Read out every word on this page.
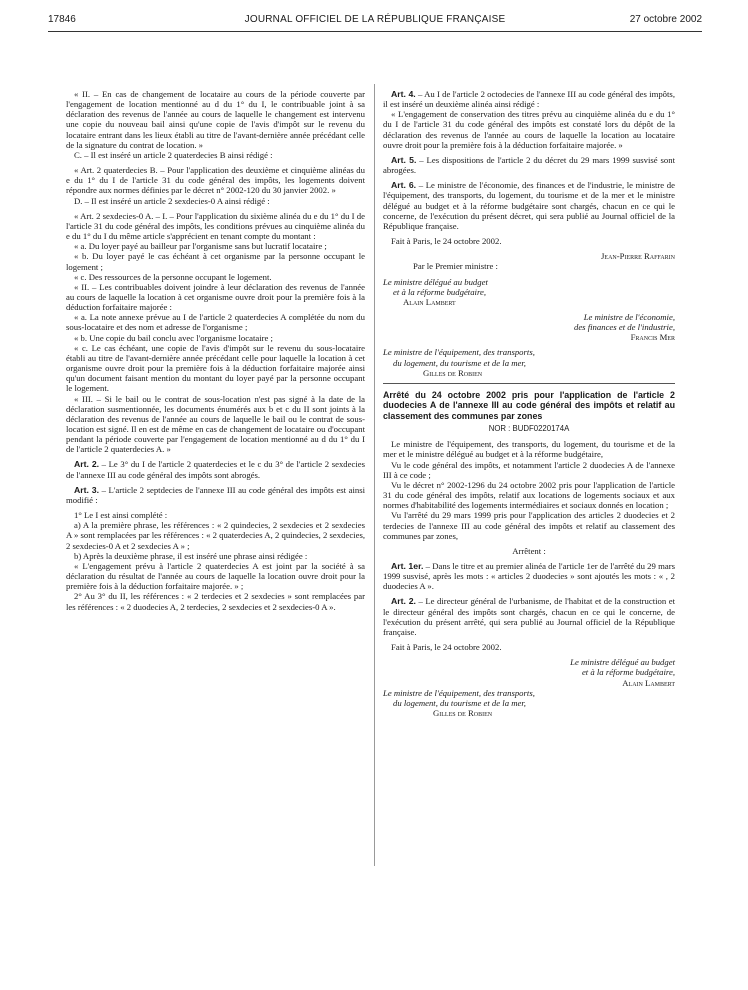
17846	JOURNAL OFFICIEL DE LA RÉPUBLIQUE FRANÇAISE	27 octobre 2002

« II. – En cas de changement de locataire au cours de la période couverte par l'engagement de location mentionné au d du 1° du I, le contribuable joint à sa déclaration des revenus de l'année au cours de laquelle le changement est intervenu une copie du nouveau bail ainsi qu'une copie de l'avis d'impôt sur le revenu du locataire entrant dans les lieux établi au titre de l'avant-dernière année précédant celle de la signature du contrat de location. »

C. – Il est inséré un article 2 quaterdecies B ainsi rédigé :

« Art. 2 quaterdecies B. – Pour l'application des deuxième et cinquième alinéas du e du 1° du I de l'article 31 du code général des impôts, les logements doivent répondre aux normes définies par le décret n° 2002-120 du 30 janvier 2002. »

D. – Il est inséré un article 2 sexdecies-0 A ainsi rédigé :

« Art. 2 sexdecies-0 A. – I. – Pour l'application du sixième alinéa du e du 1° du I de l'article 31 du code général des impôts, les conditions prévues au cinquième alinéa du e du 1° du I du même article s'apprécient en tenant compte du montant :

« a. Du loyer payé au bailleur par l'organisme sans but lucratif locataire ;

« b. Du loyer payé le cas échéant à cet organisme par la personne occupant le logement ;

« c. Des ressources de la personne occupant le logement.

« II. – Les contribuables doivent joindre à leur déclaration des revenus de l'année au cours de laquelle la location à cet organisme ouvre droit pour la première fois à la déduction forfaitaire majorée :

« a. La note annexe prévue au I de l'article 2 quaterdecies A complétée du nom du sous-locataire et des nom et adresse de l'organisme ;

« b. Une copie du bail conclu avec l'organisme locataire ;

« c. Le cas échéant, une copie de l'avis d'impôt sur le revenu du sous-locataire établi au titre de l'avant-dernière année précédant celle pour laquelle la location à cet organisme ouvre droit pour la première fois à la déduction forfaitaire majorée ainsi qu'un document faisant mention du montant du loyer payé par la personne occupant le logement.

« III. – Si le bail ou le contrat de sous-location n'est pas signé à la date de la déclaration susmentionnée, les documents énumérés aux b et c du II sont joints à la déclaration des revenus de l'année au cours de laquelle le bail ou le contrat de sous-location est signé. Il en est de même en cas de changement de locataire ou d'occupant pendant la période couverte par l'engagement de location mentionné au d du 1° du I de l'article 2 quaterdecies A. »

Art. 2. – Le 3° du I de l'article 2 quaterdecies et le c du 3° de l'article 2 sexdecies de l'annexe III au code général des impôts sont abrogés.

Art. 3. – L'article 2 septdecies de l'annexe III au code général des impôts est ainsi modifié :

1° Le I est ainsi complété :

a) A la première phrase, les références : « 2 quindecies, 2 sexdecies et 2 sexdecies A » sont remplacées par les références : « 2 quaterdecies A, 2 quindecies, 2 sexdecies, 2 sexdecies-0 A et 2 sexdecies A » ;

b) Après la deuxième phrase, il est inséré une phrase ainsi rédigée :

« L'engagement prévu à l'article 2 quaterdecies A est joint par la société à sa déclaration du résultat de l'année au cours de laquelle la location ouvre droit pour la première fois à la déduction forfaitaire majorée. » ;

2° Au 3° du II, les références : « 2 terdecies et 2 sexdecies » sont remplacées par les références : « 2 duodecies A, 2 terdecies, 2 sexdecies et 2 sexdecies-0 A ».

Art. 4. – Au I de l'article 2 octodecies de l'annexe III au code général des impôts, il est inséré un deuxième alinéa ainsi rédigé :

« L'engagement de conservation des titres prévu au cinquième alinéa du e du 1° du I de l'article 31 du code général des impôts est constaté lors du dépôt de la déclaration des revenus de l'année au cours de laquelle la location au locataire ouvre droit pour la première fois à la déduction forfaitaire majorée. »

Art. 5. – Les dispositions de l'article 2 du décret du 29 mars 1999 susvisé sont abrogées.

Art. 6. – Le ministre de l'économie, des finances et de l'industrie, le ministre de l'équipement, des transports, du logement, du tourisme et de la mer et le ministre délégué au budget et à la réforme budgétaire sont chargés, chacun en ce qui le concerne, de l'exécution du présent décret, qui sera publié au Journal officiel de la République française.

Fait à Paris, le 24 octobre 2002.

Jean-Pierre Raffarin

Par le Premier ministre :

Le ministre délégué au budget

et à la réforme budgétaire,

Alain Lambert

Le ministre de l'économie,

des finances et de l'industrie,

Francis Mer

Le ministre de l'équipement, des transports,

du logement, du tourisme et de la mer,

Gilles de Robien

Arrêté du 24 octobre 2002 pris pour l'application de l'article 2 duodecies A de l'annexe III au code général des impôts et relatif au classement des communes par zones

NOR : BUDF0220174A

Le ministre de l'équipement, des transports, du logement, du tourisme et de la mer et le ministre délégué au budget et à la réforme budgétaire,

Vu le code général des impôts, et notamment l'article 2 duodecies A de l'annexe III à ce code ;

Vu le décret n° 2002-1296 du 24 octobre 2002 pris pour l'application de l'article 31 du code général des impôts, relatif aux locations de logements sociaux et aux normes d'habitabilité des logements intermédiaires et sociaux donnés en location ;

Vu l'arrêté du 29 mars 1999 pris pour l'application des articles 2 duodecies et 2 terdecies de l'annexe III au code général des impôts et relatif au classement des communes par zones,

Arrêtent :

Art. 1er. – Dans le titre et au premier alinéa de l'article 1er de l'arrêté du 29 mars 1999 susvisé, après les mots : « articles 2 duodecies » sont ajoutés les mots : « , 2 duodecies A ».

Art. 2. – Le directeur général de l'urbanisme, de l'habitat et de la construction et le directeur général des impôts sont chargés, chacun en ce qui le concerne, de l'exécution du présent arrêté, qui sera publié au Journal officiel de la République française.

Fait à Paris, le 24 octobre 2002.

Le ministre délégué au budget

et à la réforme budgétaire,

Alain Lambert

Le ministre de l'équipement, des transports,

du logement, du tourisme et de la mer,

Gilles de Robien
